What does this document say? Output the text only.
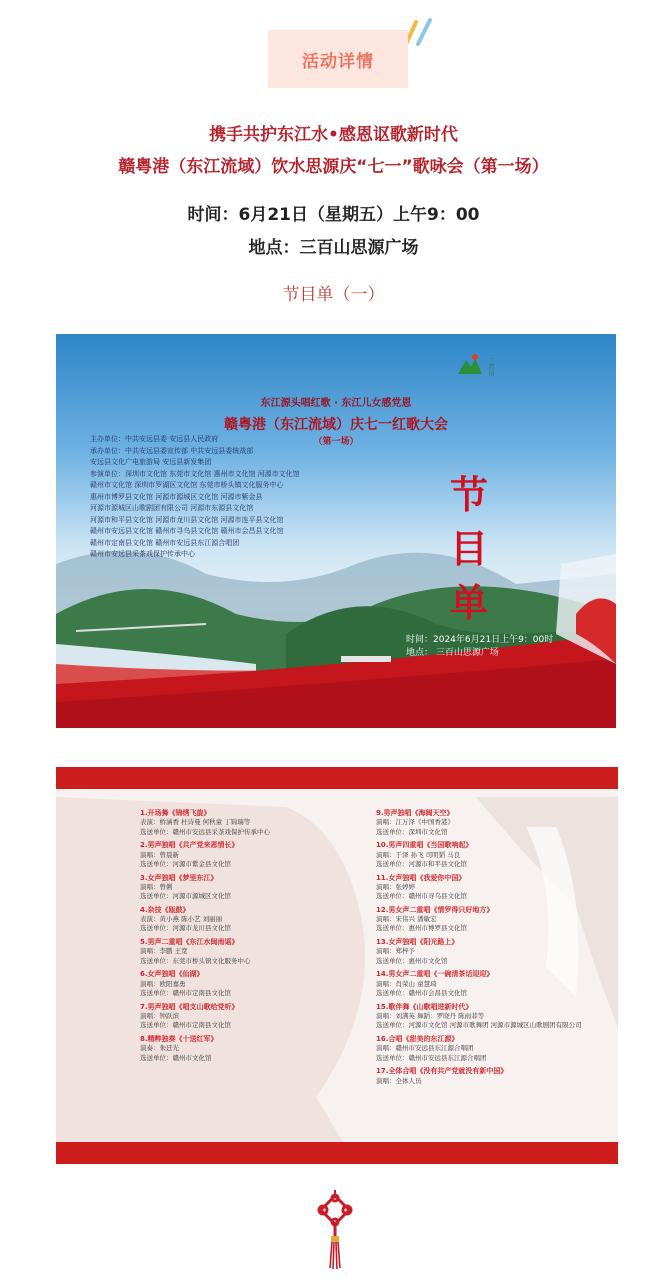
活动详情
携手共护东江水•感恩讴歌新时代
赣粤港（东江流域）饮水思源庆“七一”歌咏会（第一场）
时间：6月21日（星期五）上午9：00
地点：三百山思源广场
节目单（一）
三百山
东江源头唱红歌 · 东江儿女感党恩
赣粤港（东江流域）庆七一红歌大会
（第一场）
节
目
单
主办单位：中共安远县委 安远县人民政府
承办单位：中共安远县委宣传部 中共安远县委统战部
安远县文化广电旅游局 安远县新发集团
参演单位：深圳市文化馆 东莞市文化馆 惠州市文化馆 河源市文化馆
赣州市文化馆 深圳市罗湖区文化馆 东莞市桥头镇文化服务中心
惠州市博罗县文化馆 河源市源城区文化馆 河源市紫金县
河源市源城区山歌剧团有限公司 河源市东源县文化馆
河源市和平县文化馆 河源市龙川县文化馆 河源市连平县文化馆
赣州市安远县文化馆 赣州市寻乌县文化馆 赣州市会昌县文化馆
赣州市定南县文化馆 赣州市安远县东江源合唱团
赣州市安远县采茶戏保护传承中心
时间：2024年6月21日上午9：00时
地点： 三百山思源广场
1.开场舞《锦绣飞旋》
表演：桥涵香 杜诗曼 何秋童 丁锦瑞等
选送单位：赣州市安远县采茶戏保护传承中心
2.男声独唱《共产党来恩情长》
演唱：曾晨新
选送单位：河源市紫金县文化馆
3.女声独唱《梦里东江》
演唱：曾俐
选送单位：河源市源城区文化馆
4.杂技《瓯鼓》
表演：黄小燕 陈小艺 刘丽丽
选送单位：河源市龙川县文化馆
5.男声二重唱《东江水闽南谣》
演唱：李鹏 王宽
选送单位：东莞市桥头镇文化服务中心
6.女声独唱《仙湖》
演唱：欧阳嘉勇
选送单位：赣州市定南县文化馆
7.男声独唱《唱支山歌给党听》
演唱：钟跃滨
选送单位：赣州市定南县文化馆
8.精粹独奏《十送红军》
演奏：朱廷光
选送单位：赣州市文化馆
9.男声独唱《海阔天空》
演唱：江万泽《中国香港》
选送单位：深圳市文化馆
10.男声四重唱《当国歌响起》
演唱：于泽 孙飞 司明韬 马良
选送单位：河源市和平县文化馆
11.女声独唱《我爱你中国》
演唱：张婷婷
选送单位：赣州市寻乌县文化馆
12.男女声二重唱《情罗得只好地方》
演唱：宋伟兴 潘敏宏
选送单位：惠州市博罗县文化馆
13.女声独唱《阳光路上》
演唱：郑梓予
选送单位：惠州市文化馆
14.男女声二重唱《一碗清茶话迎迎》
演唱：肖荣山 童慧琦
选送单位：赣州市会昌县文化馆
15.歌伴舞《山歌唱进新时代》
演唱：刘满英 舞蹈：罗晓丹 陈雨菲等
选送单位：河源市文化馆 河源市歌舞团 河源市源城区山歌剧团有限公司
16.合唱《甜美的东江源》
演唱：赣州市安远县东江源合唱团
选送单位：赣州市安远县东江源合唱团
17.全体合唱《没有共产党就没有新中国》
演唱：全体人员
